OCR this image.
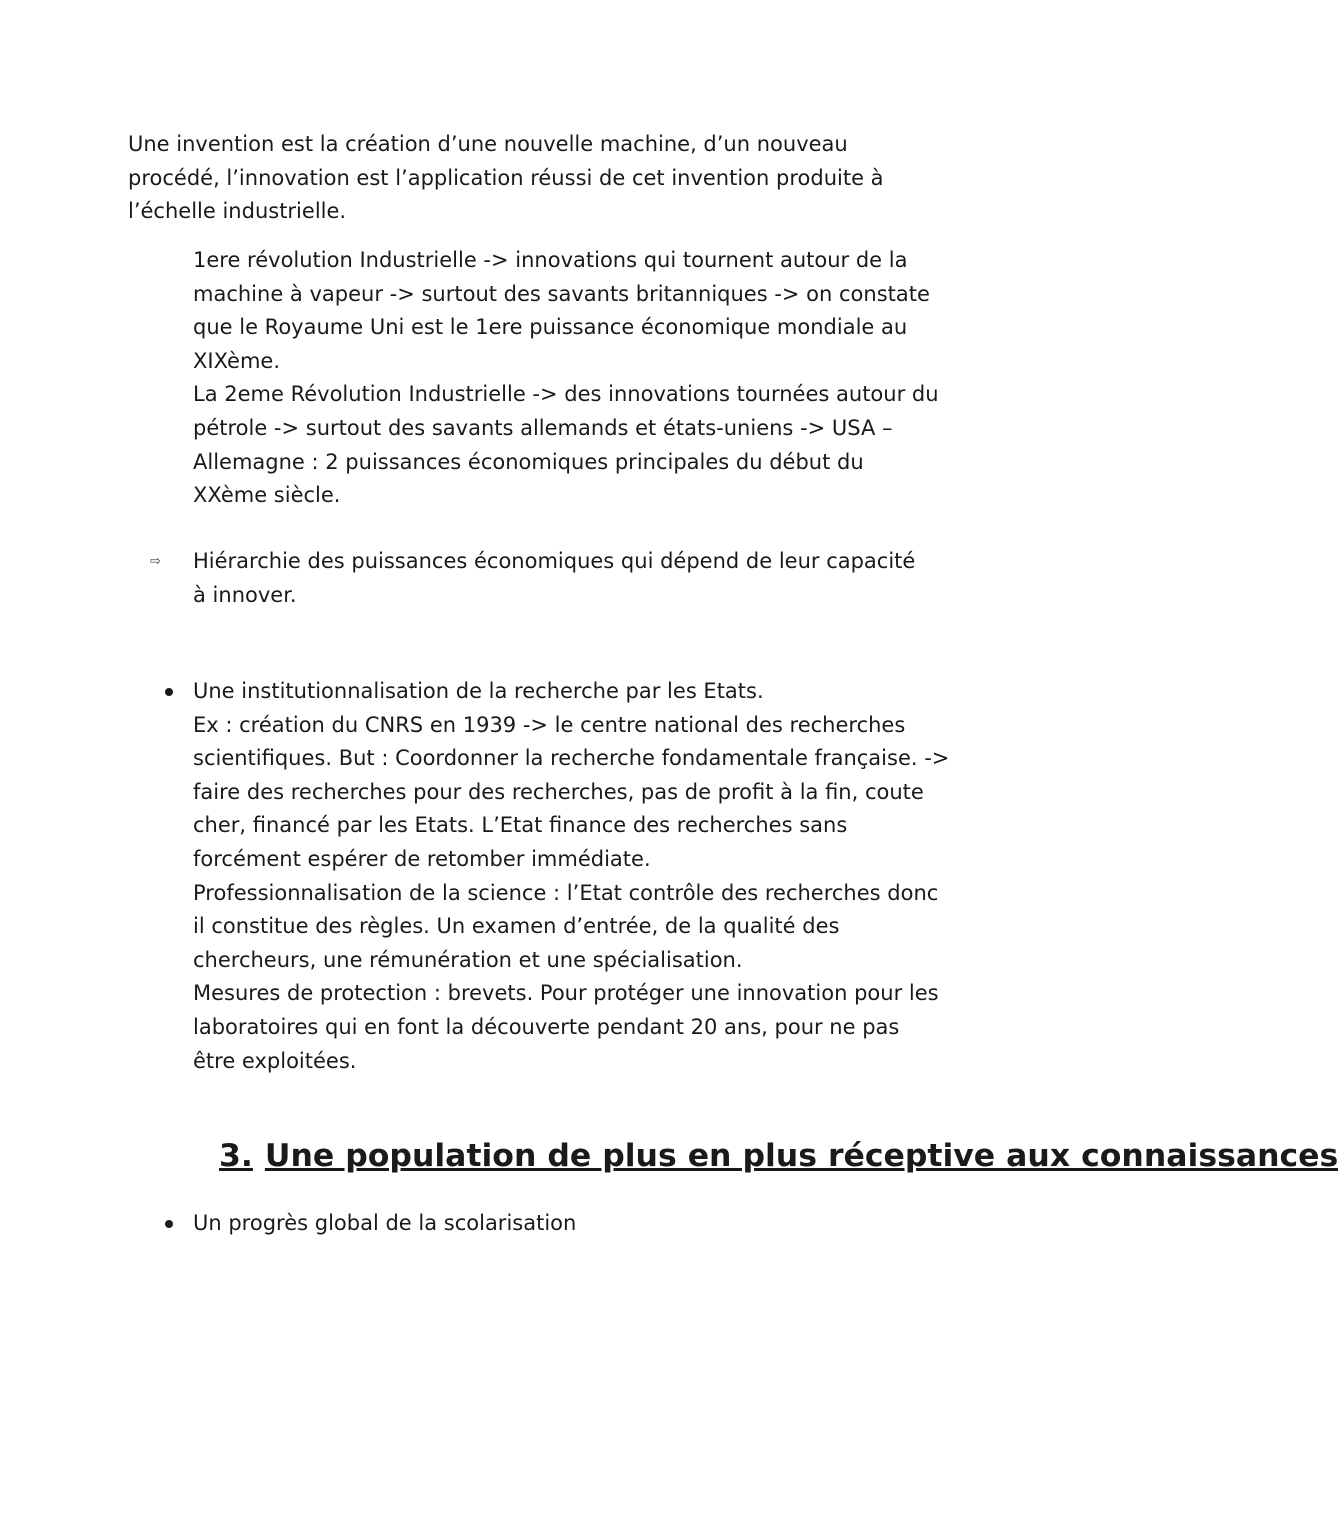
Une invention est la création d’une nouvelle machine, d’un nouveau
procédé, l’innovation est l’application réussi de cet invention produite à
l’échelle industrielle.

1ere révolution Industrielle -> innovations qui tournent autour de la
machine à vapeur -> surtout des savants britanniques -> on constate
que le Royaume Uni est le 1ere puissance économique mondiale au
XIXème.
La 2eme Révolution Industrielle -> des innovations tournées autour du
pétrole -> surtout des savants allemands et états-uniens -> USA –
Allemagne : 2 puissances économiques principales du début du
XXème siècle.

⇨ Hiérarchie des puissances économiques qui dépend de leur capacité
à innover.

Une institutionnalisation de la recherche par les Etats.
Ex : création du CNRS en 1939 -> le centre national des recherches
scientifiques. But : Coordonner la recherche fondamentale française. ->
faire des recherches pour des recherches, pas de profit à la fin, coute
cher, financé par les Etats. L’Etat finance des recherches sans
forcément espérer de retomber immédiate.
Professionnalisation de la science : l’Etat contrôle des recherches donc
il constitue des règles. Un examen d’entrée, de la qualité des
chercheurs, une rémunération et une spécialisation.
Mesures de protection : brevets. Pour protéger une innovation pour les
laboratoires qui en font la découverte pendant 20 ans, pour ne pas
être exploitées.

3. Une population de plus en plus réceptive aux connaissances

Un progrès global de la scolarisation
